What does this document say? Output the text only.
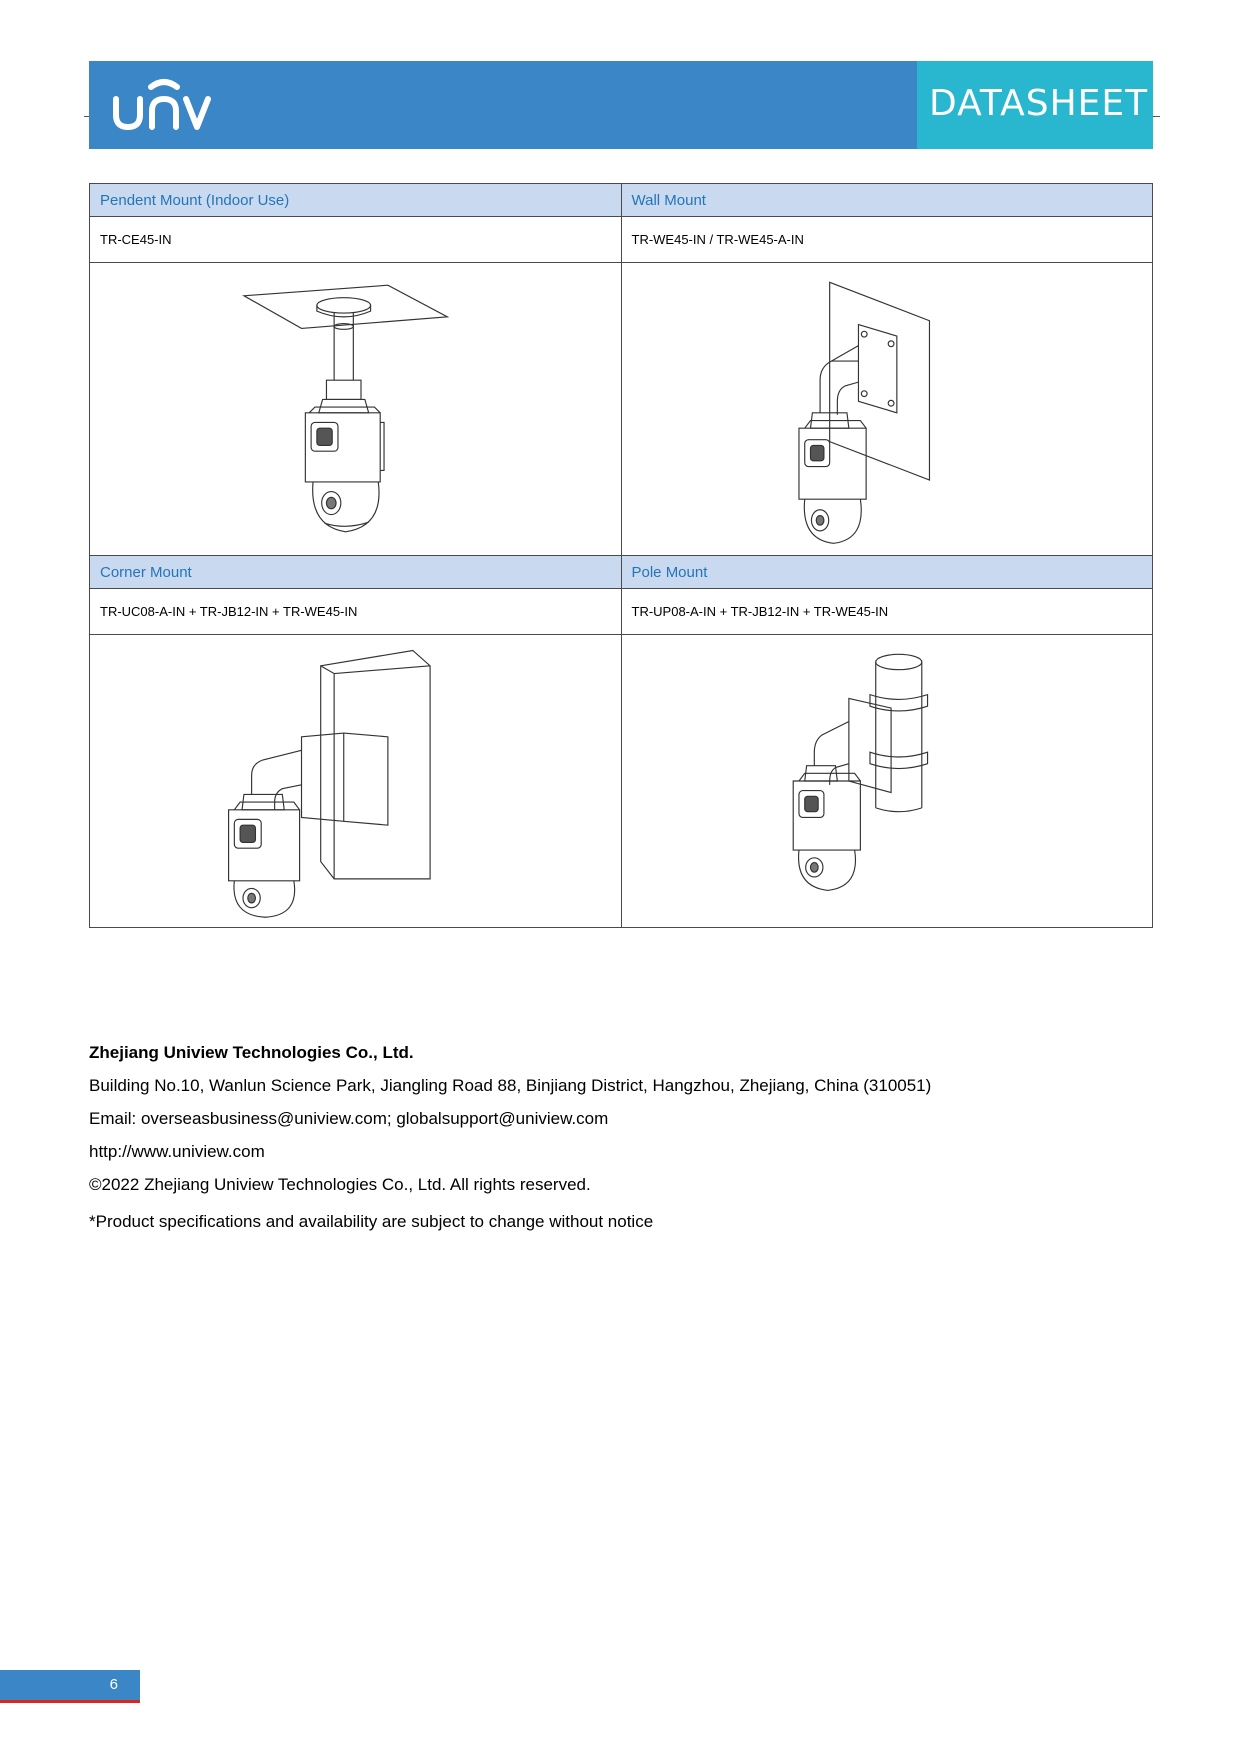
DATASHEET
Pendent Mount (Indoor Use)	Wall Mount
TR-CE45-IN	TR-WE45-IN / TR-WE45-A-IN

Corner Mount	Pole Mount
TR-UC08-A-IN + TR-JB12-IN + TR-WE45-IN	TR-UP08-A-IN + TR-JB12-IN + TR-WE45-IN

Zhejiang Uniview Technologies Co., Ltd.
Building No.10, Wanlun Science Park, Jiangling Road 88, Binjiang District, Hangzhou, Zhejiang, China (310051)
Email: overseasbusiness@uniview.com; globalsupport@uniview.com
http://www.uniview.com
©2022 Zhejiang Uniview Technologies Co., Ltd. All rights reserved.
*Product specifications and availability are subject to change without notice
6
